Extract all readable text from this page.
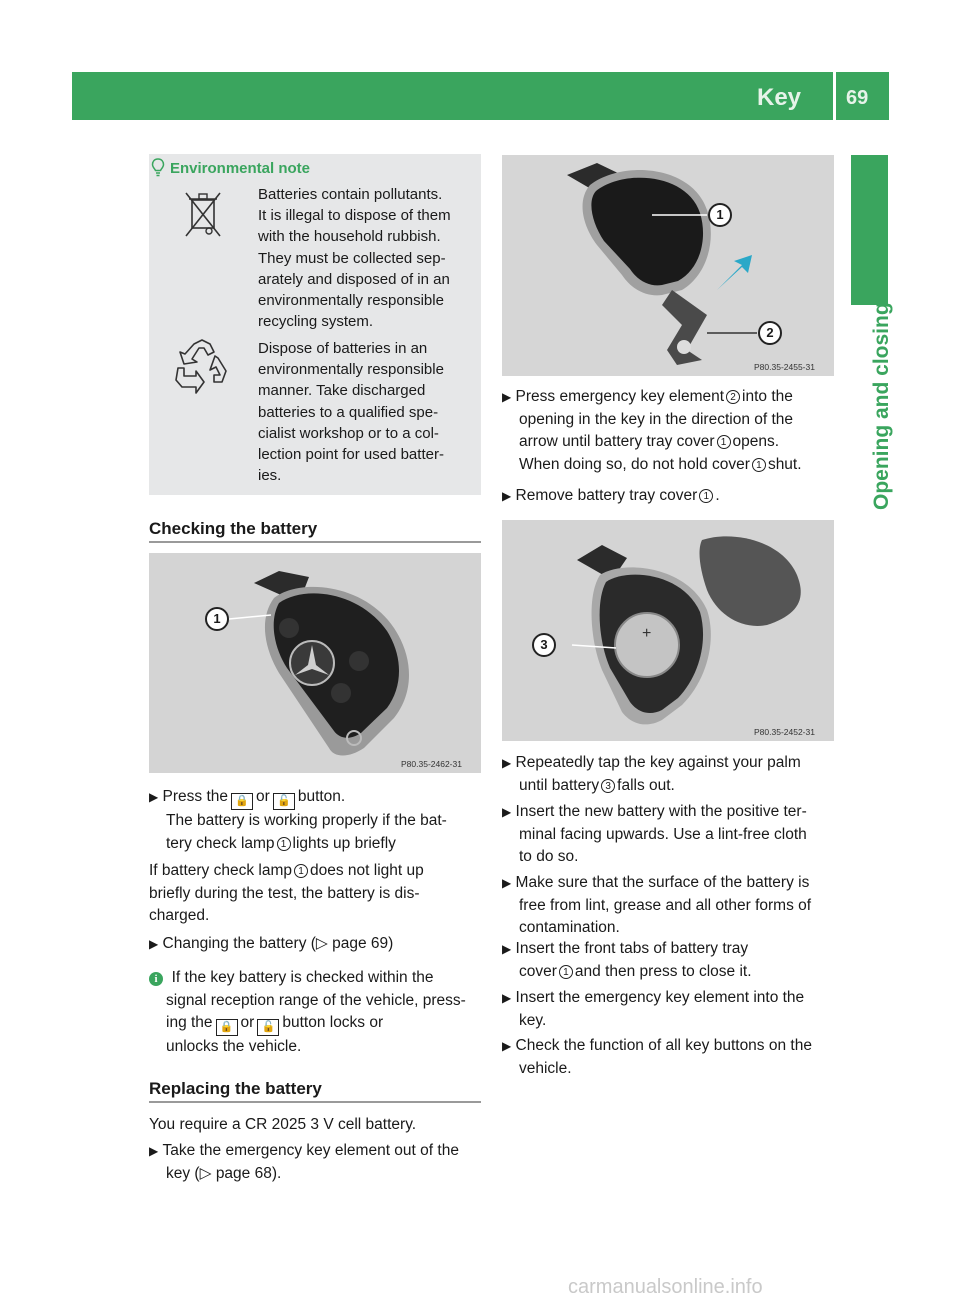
Key 69
Opening and closing
Environmental note
Batteries contain pollutants.
It is illegal to dispose of them
with the household rubbish.
They must be collected sep-
arately and disposed of in an
environmentally responsible
recycling system.
Dispose of batteries in an
environmentally responsible
manner. Take discharged
batteries to a qualified spe-
cialist workshop or to a col-
lection point for used batter-
ies.
Checking the battery
1
P80.35-2462-31
▶ Press the 🔒 or 🔓 button.
The battery is working properly if the bat-
tery check lamp 1 lights up briefly
If battery check lamp 1 does not light up
briefly during the test, the battery is dis-
charged.
▶ Changing the battery (▷ page 69)
i If the key battery is checked within the
signal reception range of the vehicle, press-
ing the 🔒 or 🔓 button locks or
unlocks the vehicle.
Replacing the battery
You require a CR 2025 3 V cell battery.
▶ Take the emergency key element out of the
key (▷ page 68).
1
2
P80.35-2455-31
▶ Press emergency key element 2 into the
opening in the key in the direction of the
arrow until battery tray cover 1 opens.
When doing so, do not hold cover 1 shut.
▶ Remove battery tray cover 1 .
+
3
P80.35-2452-31
▶ Repeatedly tap the key against your palm
until battery 3 falls out.
▶ Insert the new battery with the positive ter-
minal facing upwards. Use a lint-free cloth
to do so.
▶ Make sure that the surface of the battery is
free from lint, grease and all other forms of
contamination.
▶ Insert the front tabs of battery tray
cover 1 and then press to close it.
▶ Insert the emergency key element into the
key.
▶ Check the function of all key buttons on the
vehicle.
carmanualsonline.info
